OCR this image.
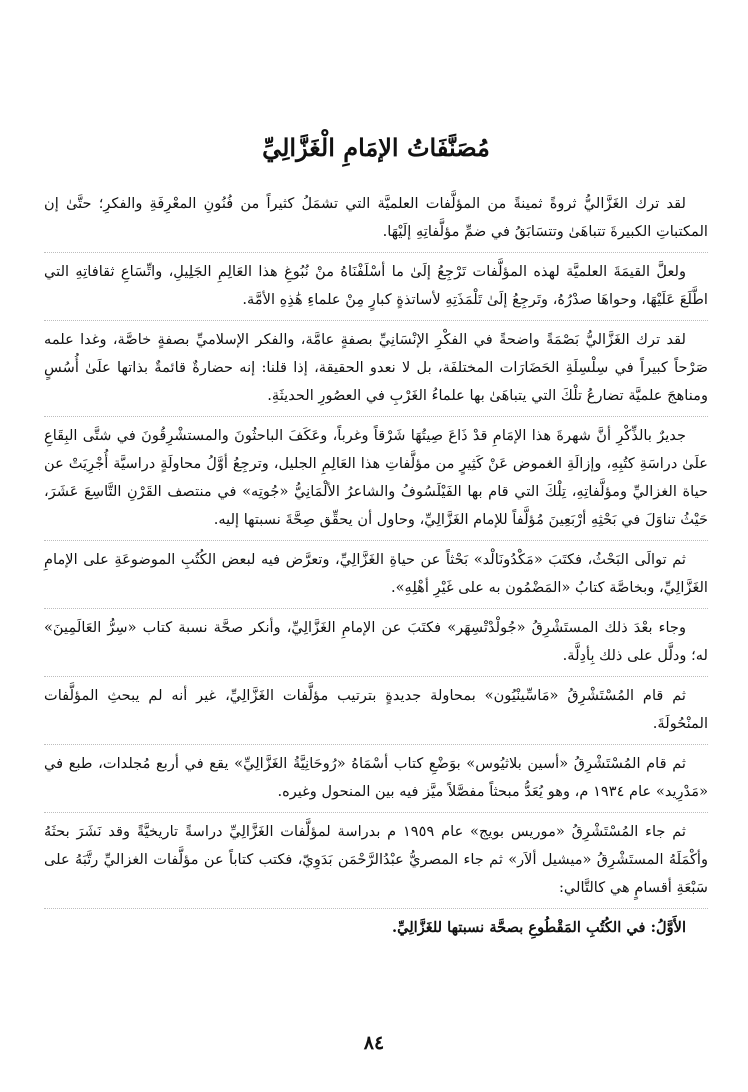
مُصَنَّفَاتُ الإمَامِ الْغَزَّالِيِّ

لقد ترك الغَزَّاليُّ ثروةً ثمينةً من المؤلَّفات العلميَّة التي تشمَلُ كثيراً من فُنُونِ المعْرِفَةِ والفكرِ؛ حتَّىٰ إن المكتباتِ الكبيرةَ تتباهَىٰ وتتسَابَقُ في ضمِّ مؤلَّفاتِهِ إلَيْهَا.

ولعلَّ القيمَةَ العلميَّة لهذه المؤلَّفات تَرْجِعُ إلَىٰ ما أسْلَفْنَاهُ منْ نُبُوغِ هذا العَالِمِ الجَلِيلِ، واتِّسَاعِ ثقافاتِهِ التي اطَّلَعَ عَلَيْهَا، وحواهَا صدْرُهُ، وتَرجِعُ إلَىٰ تَلْمَذَتِهِ لأساتذةٍ كبارٍ مِنْ علماءِ هَٰذِهِ الأمَّة.

لقد ترك الغَزَّاليُّ بَصْمَةً واضحةً في الفكْرِ الإنْسَانِيِّ بصفةٍ عامَّة، والفكر الإسلاميِّ بصفةٍ خاصَّة، وغدا علمه صَرْحاً كبيراً في سِلْسِلَةِ الحَضَارَات المختلفَة، بل لا نعدو الحقيقة، إذا قلنا: إنه حضارةٌ قائمةٌ بذاتها علَىٰ أُسُسٍ ومناهجَ علميَّة تضارعُ تلْكَ التي يتباهَىٰ بها علماءُ الغَرْبِ في العصُورِ الحديثَةِ.

جديرٌ بالذِّكْرِ أنَّ شهرةَ هذا الإمَامِ قدْ ذَاعَ صِيتُهَا شَرْقاً وغرباً، وعَكَفَ الباحثُونَ والمستشْرِقُونَ في شتَّى البِقَاعِ علَىٰ دراسَةِ كتُبِهِ، وإزالَةِ الغموض عَنْ كَثِيرٍ من مؤلَّفاتِ هذا العَالِمِ الجليل، وترجِعُ أوَّلُ محاولَةٍ دراسيَّة أُجْرِيَتْ عن حياة الغزاليِّ ومؤلَّفاتِهِ، تِلْكَ التي قام بها الفَيْلَسُوفُ والشاعرُ الألْمَانِيُّ «جُوتِه» في منتصف القَرْنِ التَّاسِعَ عَشَرَ، حَيْثُ تناوَلَ في بَحْثِهِ أرْبَعِينَ مُؤلَّفاً للإمام الغَزَّالِيِّ، وحاول أن يحقِّق صِحَّةَ نسبتها إليه.

ثم توالَى البَحْثُ، فكتَبَ «مَكْدُونَالْد» بَحْثاً عن حياةِ الغَزَّالِيِّ، وتعرَّض فيه لبعض الكُتُبِ الموضوعَةِ على الإمامِ الغَزَّالِيِّ، وبخاصَّة كتابُ «المَضْمُون به على غَيْرِ أهْلِهِ».

وجاء بعْدَ ذلك المستَشْرِقُ «جُولْدْتْسِهَر» فكتَبَ عن الإمامِ الغَزَّالِيِّ، وأنكر صحَّة نسبة كتاب «سِرُّ العَالَمِينَ» له؛ ودلَّل على ذلك بِأدِلَّة.

ثم قام المُسْتَشْرِقُ «مَاسِّينْيُون» بمحاولة جديدةٍ بترتيب مؤلَّفات الغَزَّالِيِّ، غير أنه لم يبحثِ المؤلَّفات المنْحُولَةَ.

ثم قام المُسْتَشْرِقُ «أسين بلاثيُوس» بوَضْعِ كتاب أسْمَاهُ «رُوحَانِيَّةُ الغَزَّالِيِّ» يقع في أربع مُجلدات، طبع في «مَدْرِيد» عام ١٩٣٤ م، وهو يُعَدُّ مبحثاً مفصَّلاً ميَّز فيه بين المنحول وغيره.

ثم جاء المُسْتَشْرِقُ «موريس بويج» عام ١٩٥٩ م بدراسة لمؤلَّفات الغَزَّالِيِّ دراسةً تاريخيَّةً وقد نَشَرَ بحثَهُ وأكْمَلَهُ المستَشْرِقُ «ميشيل ألاَر» ثم جاء المصريُّ عبْدُالرَّحْمَن بَدَوِيّ، فكتب كتاباً عن مؤلَّفات الغزاليِّ رتَّبَهُ على سَبْعَةِ أقسامٍ هي كالتَّالي:

الأَوَّلُ: في الكُتُبِ المَقْطُوعِ بصحَّة نسبتها للغَزَّالِيِّ.

٨٤
